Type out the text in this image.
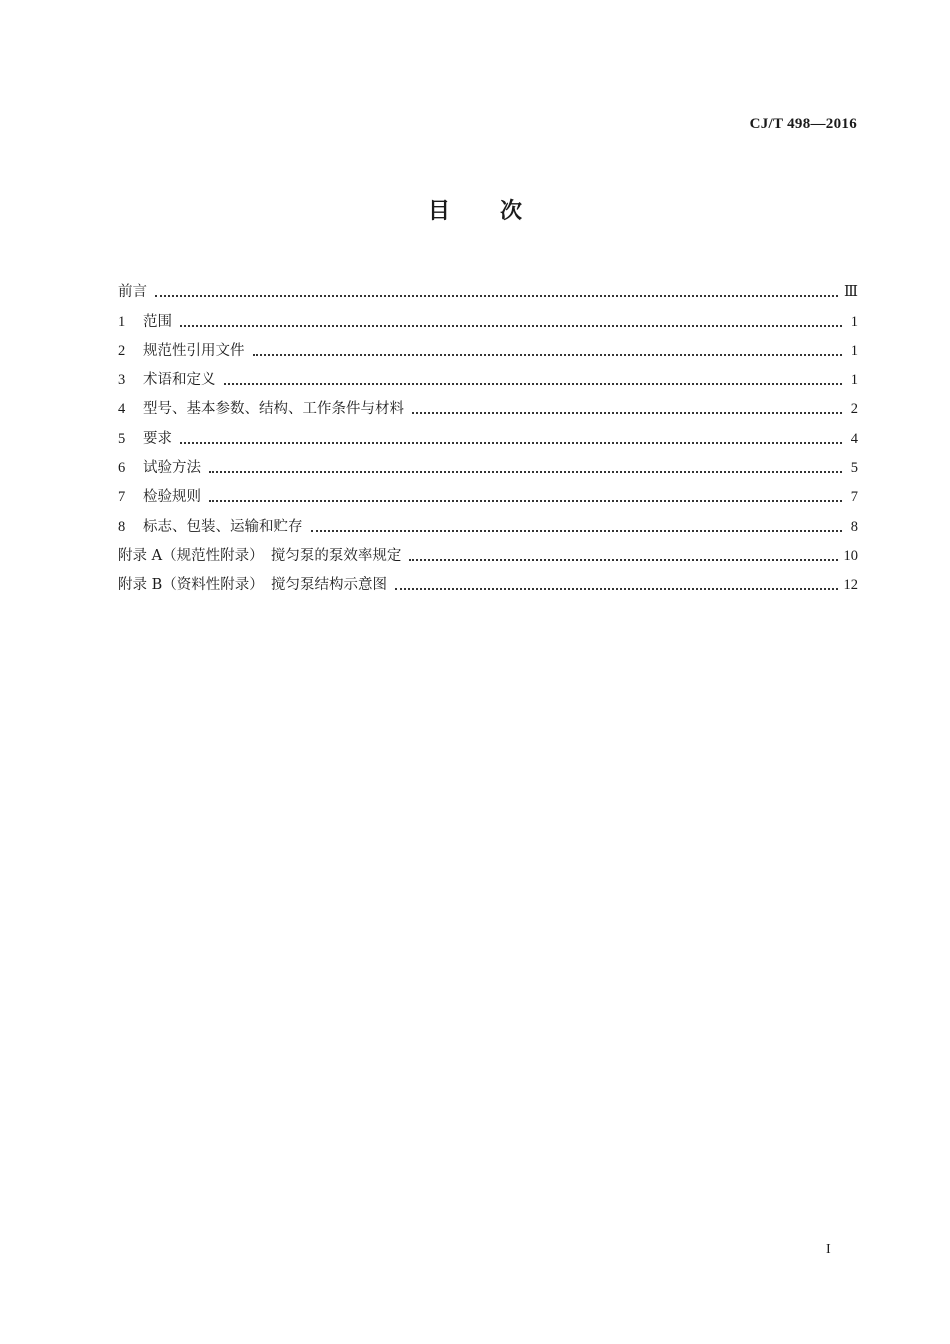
CJ/T 498—2016
目 次
前言	Ⅲ
1	范围	1
2	规范性引用文件	1
3	术语和定义	1
4	型号、基本参数、结构、工作条件与材料	2
5	要求	4
6	试验方法	5
7	检验规则	7
8	标志、包装、运输和贮存	8
附录 A（规范性附录）　搅匀泵的泵效率规定	10
附录 B（资料性附录）　搅匀泵结构示意图	12
I
